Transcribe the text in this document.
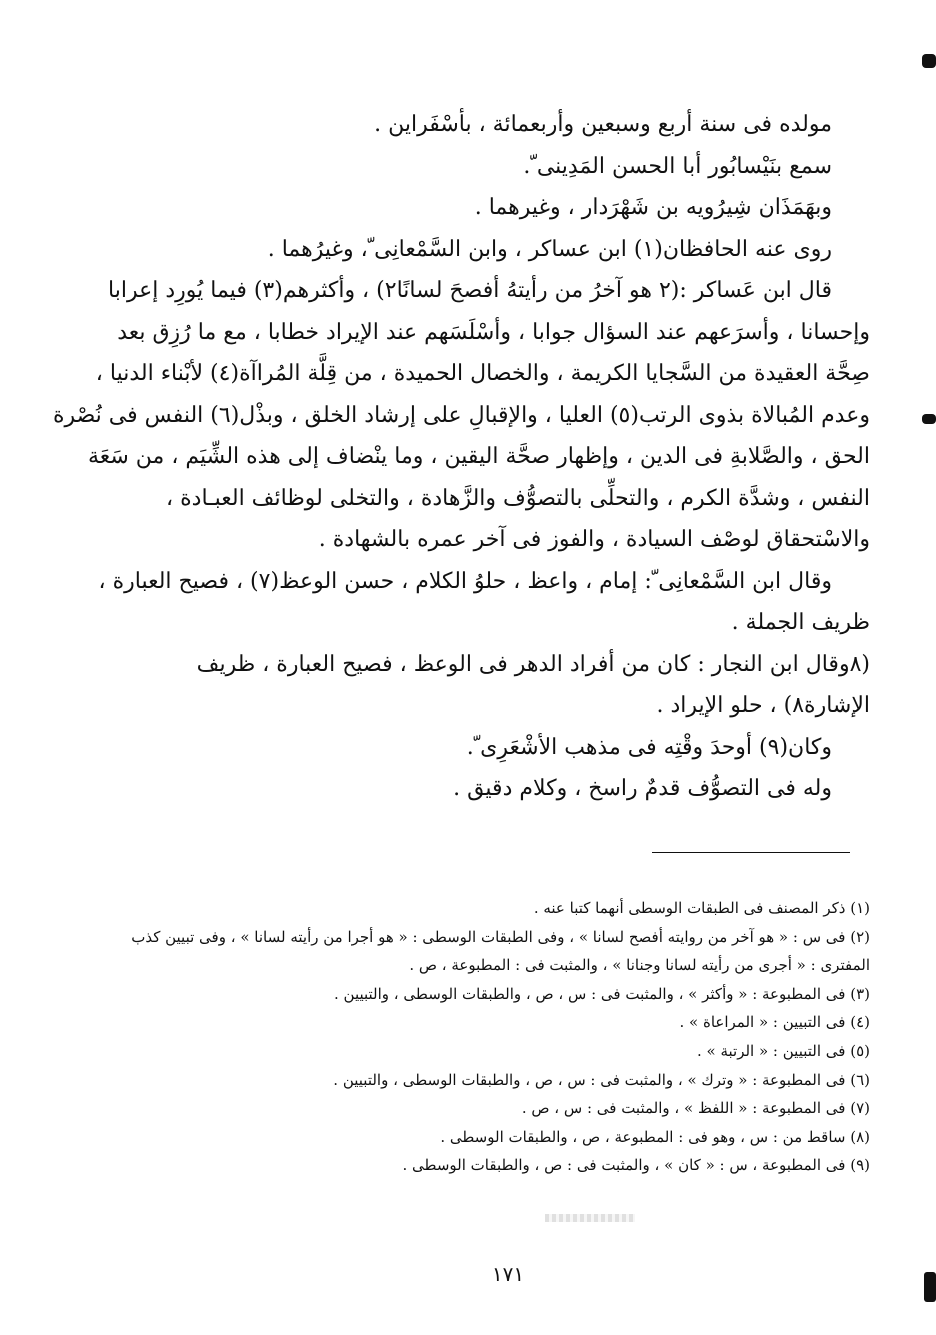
مولده فى سنة أربع وسبعين وأربعمائة ، بأسْفَراين .
سمع بنَيْسابُور أبا الحسن المَدِينى ّ.
وبهَمَذَان شِيرُويه بن شَهْرَدار ، وغيرهما .
روى عنه الحافظان(١) ابن عساكر ، وابن السَّمْعانِى ّ، وغيرُهما .
قال ابن عَساكر :(٢ هو آخرُ من رأيتهُ أفصحَ لسانًا٢) ، وأكثرهم(٣) فيما يُورِد إعرابا
وإحسانا ، وأسرَعهم عند السؤال جوابا ، وأسْلَسَهم عند الإيراد خطابا ، مع ما رُزِق بعد
صِحَّة العقيدة من السَّجايا الكريمة ، والخصال الحميدة ، من قِلَّة المُراآة(٤) لأبْناء الدنيا ،
وعدم المُبالاة بذوى الرتب(٥) العليا ، والإقبالِ على إرشاد الخلق ، وبذْل(٦) النفس فى نُصْرة
الحق ، والصَّلابةِ فى الدين ، وإظهار صحَّة اليقين ، وما ينْضاف إلى هذه الشِّيَم ، من سَعَة
النفس ، وشدَّة الكرم ، والتحلِّى بالتصوُّف والزَّهادة ، والتخلى لوظائف العبـادة ،
والاسْتحقاق لوصْف السيادة ، والفوز فى آخر عمره بالشهادة .
وقال ابن السَّمْعانِى ّ: إمام ، واعظ ، حلوُ الكلام ، حسن الوعظ(٧) ، فصيح العبارة ،
ظريف الجملة .
(٨وقال ابن النجار : كان من أفراد الدهر فى الوعظ ، فصيح العبارة ، ظريف
الإشارة٨) ، حلو الإيراد .
وكان(٩) أوحدَ وقْتِه فى مذهب الأشْعَرِى ّ.
وله فى التصوُّف قدمٌ راسخ ، وكلام دقيق .
(١) ذكر المصنف فى الطبقات الوسطى أنهما كتبا عنه .
(٢) فى س : « هو آخر من روايته أفصح لسانا » ، وفى الطبقات الوسطى : « هو أجرا من رأيته لسانا » ، وفى تبيين كذب
المفترى : « أجرى من رأيته لسانا وجنانا » ، والمثبت فى : المطبوعة ، ص .
(٣) فى المطبوعة : « وأكثر » ، والمثبت فى : س ، ص ، والطبقات الوسطى ، والتبيين .
(٤) فى التبيين : « المراعاة » .
(٥) فى التبيين : « الرتبة » .
(٦) فى المطبوعة : « وترك » ، والمثبت فى : س ، ص ، والطبقات الوسطى ، والتبيين .
(٧) فى المطبوعة : « اللفظ » ، والمثبت فى : س ، ص .
(٨) ساقط من : س ، وهو فى : المطبوعة ، ص ، والطبقات الوسطى .
(٩) فى المطبوعة ، س : « كان » ، والمثبت فى : ص ، والطبقات الوسطى .
١٧١
